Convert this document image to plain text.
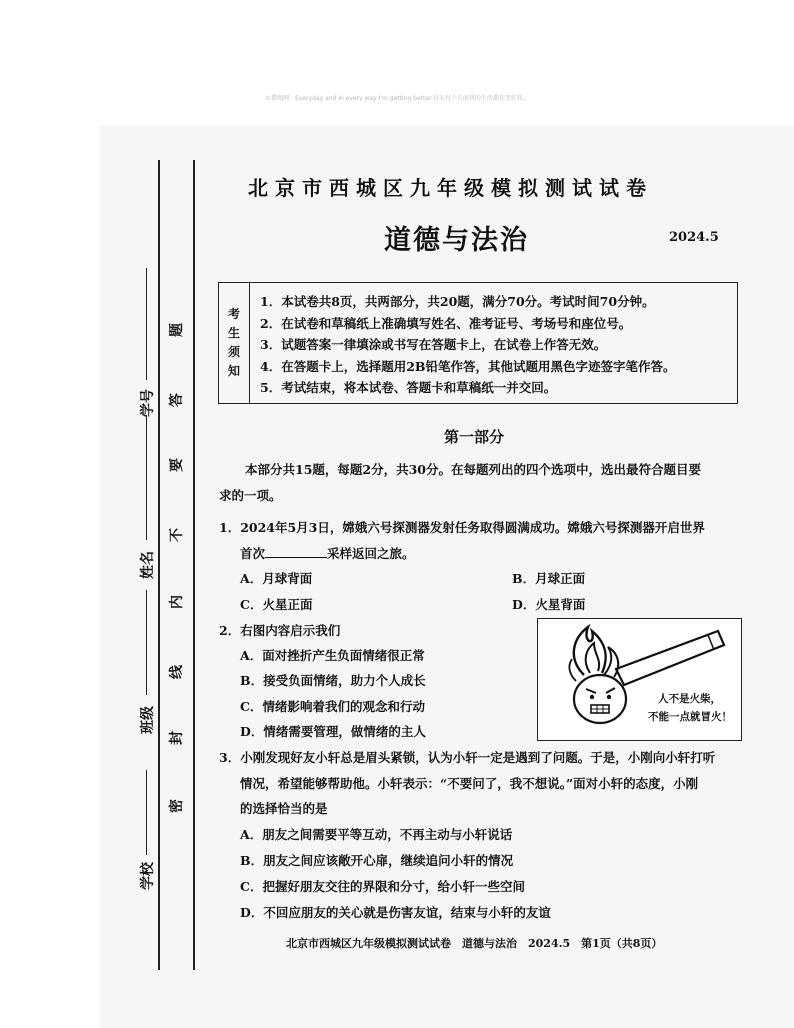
©微图网：Everyday and in every way I'm getting better.每天每个方面我的生活都在变好转。
学校
班级
姓名
学号
题
答
要
不
内
线
封
密
北京市西城区九年级模拟测试试卷
道德与法治	2024.5
考
生
须
知
1．本试卷共8页，共两部分，共20题，满分70分。考试时间70分钟。
2．在试卷和草稿纸上准确填写姓名、准考证号、考场号和座位号。
3．试题答案一律填涂或书写在答题卡上，在试卷上作答无效。
4．在答题卡上，选择题用2B铅笔作答，其他试题用黑色字迹签字笔作答。
5．考试结束，将本试卷、答题卡和草稿纸一并交回。
第一部分
本部分共15题，每题2分，共30分。在每题列出的四个选项中，选出最符合题目要
求的一项。
1．2024年5月3日，嫦娥六号探测器发射任务取得圆满成功。嫦娥六号探测器开启世界
首次	采样返回之旅。
A．月球背面	B．月球正面
C．火星正面	D．火星背面
2．右图内容启示我们
A．面对挫折产生负面情绪很正常
B．接受负面情绪，助力个人成长
C．情绪影响着我们的观念和行动
D．情绪需要管理，做情绪的主人
人不是火柴，
不能一点就冒火！
3．小刚发现好友小轩总是眉头紧锁，认为小轩一定是遇到了问题。于是，小刚向小轩打听
情况，希望能够帮助他。小轩表示：“不要问了，我不想说。”面对小轩的态度，小刚
的选择恰当的是
A．朋友之间需要平等互动，不再主动与小轩说话
B．朋友之间应该敞开心扉，继续追问小轩的情况
C．把握好朋友交往的界限和分寸，给小轩一些空间
D．不回应朋友的关心就是伤害友谊，结束与小轩的友谊
北京市西城区九年级模拟测试试卷　道德与法治　2024.5　第1页（共8页）
